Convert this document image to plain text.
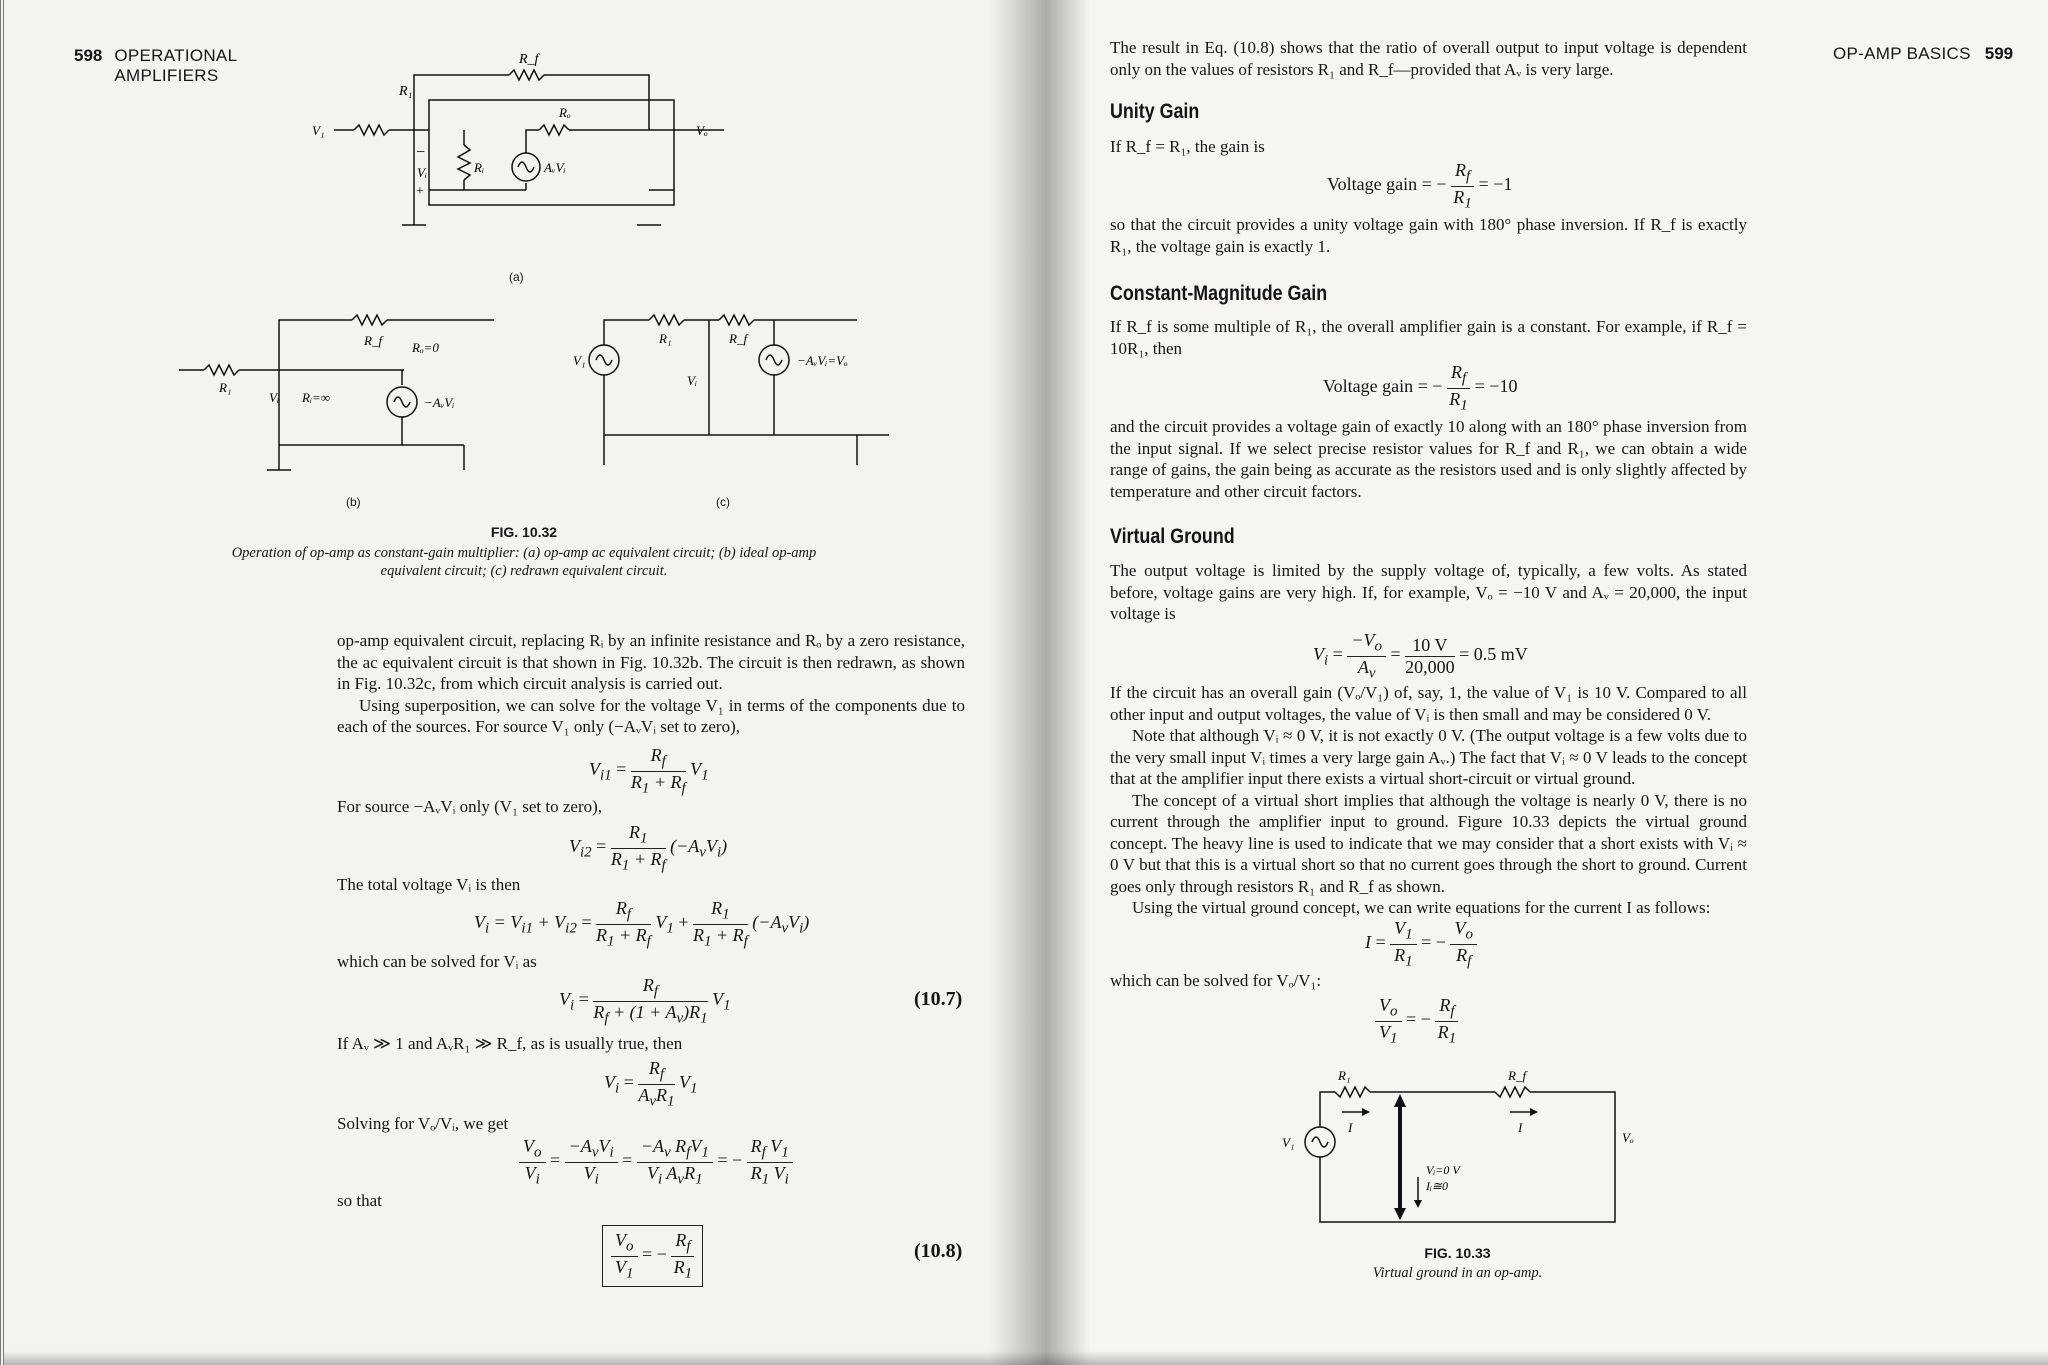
598 OPERATIONAL AMPLIFIERS
R₁
R_f
Rₒ
V₁
−
Vᵢ
+
Rᵢ	AᵥVᵢ
Vₒ
(a)
R_f Rₒ=0
R₁
Vᵢ Rᵢ=∞	−AᵥVᵢ
(b)
V₁
R₁	R_f
Vᵢ
−AᵥVᵢ=Vₒ
(c)
FIG. 10.32
Operation of op-amp as constant-gain multiplier: (a) op-amp ac equivalent circuit; (b) ideal op-amp equivalent circuit; (c) redrawn equivalent circuit.

op-amp equivalent circuit, replacing Rᵢ by an infinite resistance and Rₒ by a zero resistance, the ac equivalent circuit is that shown in Fig. 10.32b. The circuit is then redrawn, as shown in Fig. 10.32c, from which circuit analysis is carried out.

Using superposition, we can solve for the voltage V₁ in terms of the components due to each of the sources. For source V₁ only (−AᵥVᵢ set to zero),

$V_{i1} = \frac{R_f}{R_1 + R_f} V_1$
For source −AᵥVᵢ only (V₁ set to zero),
$V_{i2} = \frac{R_1}{R_1 + R_f} (-A_vV_i)$
The total voltage Vᵢ is then
$V_i = V_{i1} + V_{i2} = \frac{R_f}{R_1 + R_f} V_1 + \frac{R_1}{R_1 + R_f} (-A_vV_i)$
which can be solved for Vᵢ as
$V_i = \frac{R_f}{R_f + (1 + A_v)R_1} V_1$	(10.7)
If Aᵥ ≫ 1 and AᵥR₁ ≫ R_f, as is usually true, then
$V_i$ =
$R_f$
$A_vR_1$
$V_1$
Solving for Vₒ/Vᵢ, we get
$\frac{V_o}{V_i}$ =
$-A_vV_i$
$V_i$
=
$-A_v$ $R_fV_1$
$V_i$ $A_vR_1$
= − $\frac{R_f V_1}{R_1 V_i}$
so that
$\frac{V_o}{V_1}$ = − $\frac{R_f}{R_1}$	(10.8)
OP-AMP BASICS 599
The result in Eq. (10.8) shows that the ratio of overall output to input voltage is dependent only on the values of resistors R₁ and R_f—provided that Aᵥ is very large.
Unity Gain
If R_f = R₁, the gain is
Voltage gain = − $\frac{R_f}{R_1} = -1$
so that the circuit provides a unity voltage gain with 180° phase inversion. If R_f is exactly R₁, the voltage gain is exactly 1.
Constant-Magnitude Gain
If R_f is some multiple of R₁, the overall amplifier gain is a constant. For example, if R_f = 10R₁, then
Voltage gain = − $\frac{R_f}{R_1} = -10$
and the circuit provides a voltage gain of exactly 10 along with an 180° phase inversion from the input signal. If we select precise resistor values for R_f and R₁, we can obtain a wide range of gains, the gain being as accurate as the resistors used and is only slightly affected by temperature and other circuit factors.
Virtual Ground
The output voltage is limited by the supply voltage of, typically, a few volts. As stated before, voltage gains are very high. If, for example, Vₒ = −10 V and Aᵥ = 20,000, the input voltage is
$V_i = \frac{-V_o}{A_v} = \frac{10 V}{20,000} = 0.5$ mV

If the circuit has an overall gain (Vₒ/V₁) of, say, 1, the value of V₁ is 10 V. Compared to all other input and output voltages, the value of Vᵢ is then small and may be considered 0 V.

Note that although Vᵢ ≈ 0 V, it is not exactly 0 V. (The output voltage is a few volts due to the very small input Vᵢ times a very large gain Aᵥ.) The fact that Vᵢ ≈ 0 V leads to the concept that at the amplifier input there exists a virtual short-circuit or virtual ground.

The concept of a virtual short implies that although the voltage is nearly 0 V, there is no current through the amplifier input to ground. Figure 10.33 depicts the virtual ground concept. The heavy line is used to indicate that we may consider that a short exists with Vᵢ ≈ 0 V but that this is a virtual short so that no current goes through the short to ground. Current goes only through resistors R₁ and R_f as shown.

Using the virtual ground concept, we can write equations for the current I as follows:

$I = \frac{V_1}{R_1}$ = − $\frac{V_o}{R_f}$
which can be solved for Vₒ/V₁:
$\frac{V_o}{V_1}$ = − $\frac{R_f}{R_1}$
R₁	R_f
I	I
V₁	Vₒ
Vᵢ=0 V
Iᵢ≅0
FIG. 10.33
Virtual ground in an op-amp.
